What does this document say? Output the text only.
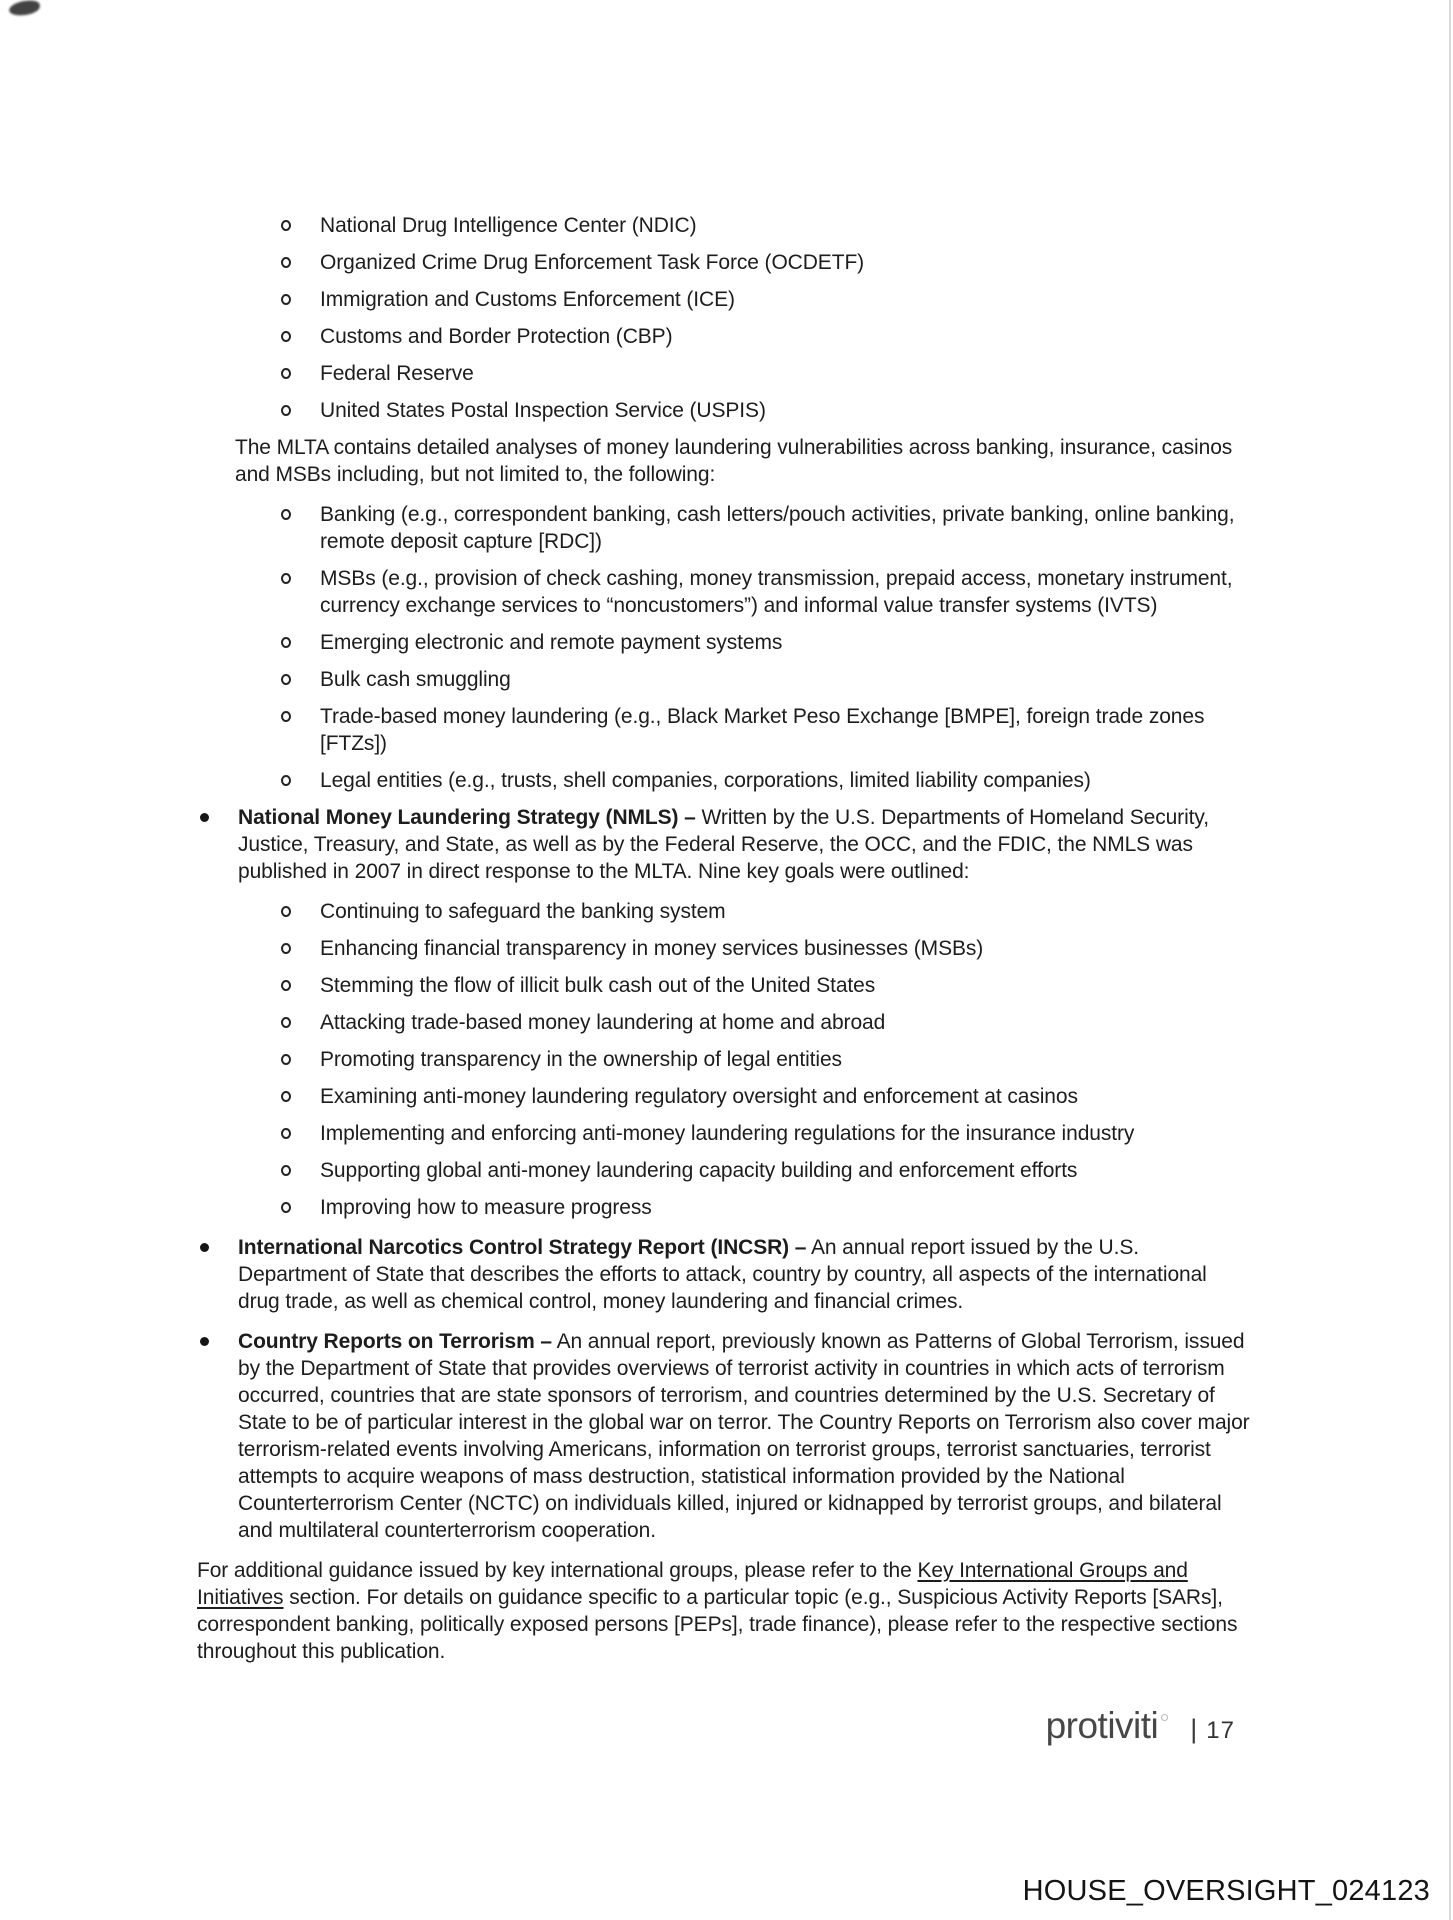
National Drug Intelligence Center (NDIC)
Organized Crime Drug Enforcement Task Force (OCDETF)
Immigration and Customs Enforcement (ICE)
Customs and Border Protection (CBP)
Federal Reserve
United States Postal Inspection Service (USPIS)

The MLTA contains detailed analyses of money laundering vulnerabilities across banking, insurance, casinos and MSBs including, but not limited to, the following:

Banking (e.g., correspondent banking, cash letters/pouch activities, private banking, online banking, remote deposit capture [RDC])
MSBs (e.g., provision of check cashing, money transmission, prepaid access, monetary instrument, currency exchange services to “noncustomers”) and informal value transfer systems (IVTS)
Emerging electronic and remote payment systems
Bulk cash smuggling
Trade-based money laundering (e.g., Black Market Peso Exchange [BMPE], foreign trade zones [FTZs])
Legal entities (e.g., trusts, shell companies, corporations, limited liability companies)
National Money Laundering Strategy (NMLS) – Written by the U.S. Departments of Homeland Security, Justice, Treasury, and State, as well as by the Federal Reserve, the OCC, and the FDIC, the NMLS was published in 2007 in direct response to the MLTA. Nine key goals were outlined:
Continuing to safeguard the banking system
Enhancing financial transparency in money services businesses (MSBs)
Stemming the flow of illicit bulk cash out of the United States
Attacking trade-based money laundering at home and abroad
Promoting transparency in the ownership of legal entities
Examining anti-money laundering regulatory oversight and enforcement at casinos
Implementing and enforcing anti-money laundering regulations for the insurance industry
Supporting global anti-money laundering capacity building and enforcement efforts
Improving how to measure progress
International Narcotics Control Strategy Report (INCSR) – An annual report issued by the U.S. Department of State that describes the efforts to attack, country by country, all aspects of the international drug trade, as well as chemical control, money laundering and financial crimes.
Country Reports on Terrorism – An annual report, previously known as Patterns of Global Terrorism, issued by the Department of State that provides overviews of terrorist activity in countries in which acts of terrorism occurred, countries that are state sponsors of terrorism, and countries determined by the U.S. Secretary of State to be of particular interest in the global war on terror. The Country Reports on Terrorism also cover major terrorism-related events involving Americans, information on terrorist groups, terrorist sanctuaries, terrorist attempts to acquire weapons of mass destruction, statistical information provided by the National Counterterrorism Center (NCTC) on individuals killed, injured or kidnapped by terrorist groups, and bilateral and multilateral counterterrorism cooperation.

For additional guidance issued by key international groups, please refer to the Key International Groups and Initiatives section. For details on guidance specific to a particular topic (e.g., Suspicious Activity Reports [SARs], correspondent banking, politically exposed persons [PEPs], trade finance), please refer to the respective sections throughout this publication.

protiviti | 17
HOUSE_OVERSIGHT_024123
